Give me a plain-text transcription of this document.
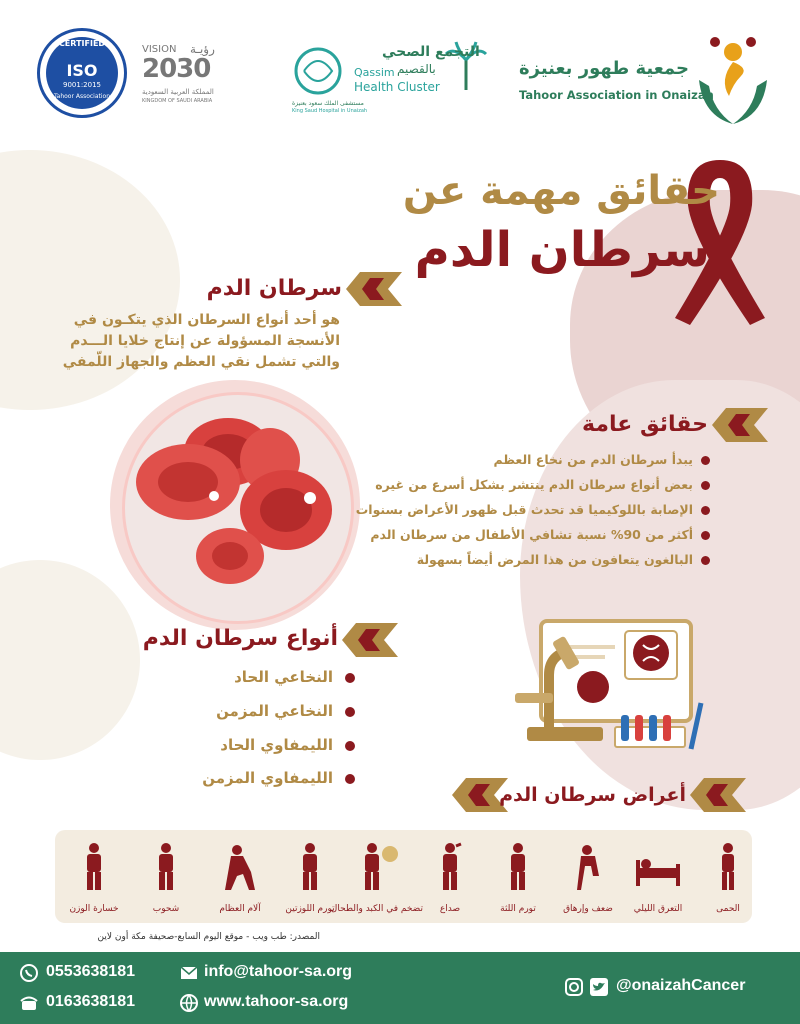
CERTIFIED
ISO
9001:2015
Tahoor Association
VISION رؤيـة
2030
المملكة العربية السعودية
KINGDOM OF SAUDI ARABIA
التجمع الصحي
بالقصيم
Qassim
Health Cluster
مستشفى الملك سعود بعنيزة
King Saud Hospital in Unaizah
جمعية طهور بعنيزة
Tahoor Association in Onaizah
حقائق مهمة عن
سرطان الدم
سرطان الدم
هو أحد أنواع السرطان الذي يتكـون في
الأنسجة المسؤولة عن إنتاج خلايا الـــدم
والتي تشمل نقي العظم والجهاز اللّمفي
حقائق عامة
يبدأ سرطان الدم من نخاع العظم
بعض أنواع سرطان الدم ينتشر بشكل أسرع من غيره
الإصابة باللوكيميا قد تحدث قبل ظهور الأعراض بسنوات
أكثر من 90% نسبة تشافي الأطفال من سرطان الدم
البالغون يتعافون من هذا المرض أيضاً بسهولة
أنواع سرطان الدم
النخاعي الحاد
النخاعي المزمن
الليمفاوي الحاد
الليمفاوي المزمن
أعراض سرطان الدم
الحمى
التعرق الليلي
ضعف وإرهاق
تورم اللثة
صداع
تضخم في الكبد والطحال
تورم اللوزتين
آلام العظام
شحوب
خسارة الوزن
المصدر: طب ويب - موقع اليوم السابع-صحيفة مكة أون لاين
0553638181
0163638181
info@tahoor-sa.org
www.tahoor-sa.org
@onaizahCancer
